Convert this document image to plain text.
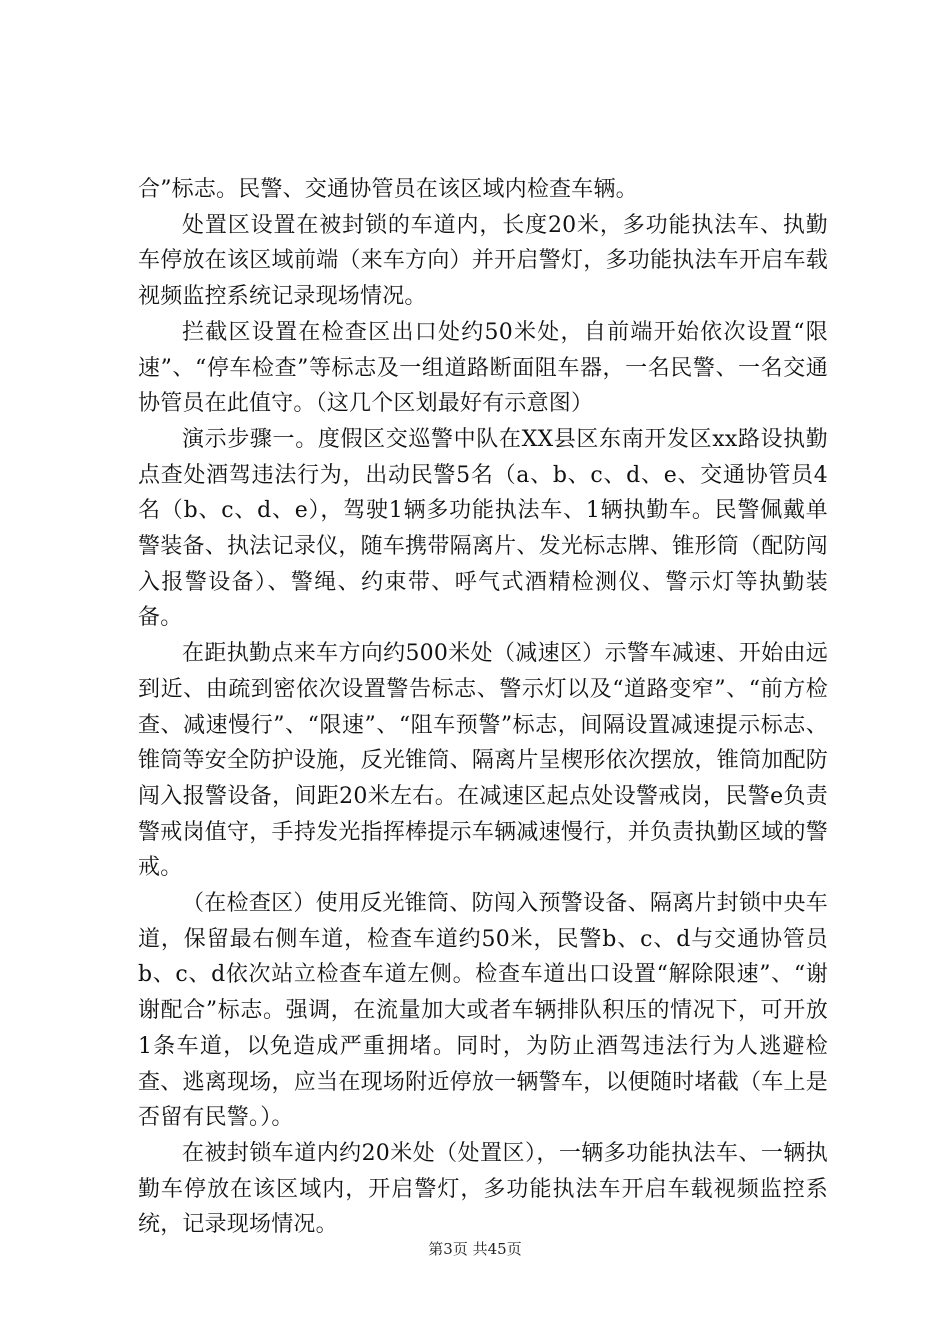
合”标志。民警、交通协管员在该区域内检查车辆。

处置区设置在被封锁的车道内，长度20米，多功能执法车、执勤车停放在该区域前端（来车方向）并开启警灯，多功能执法车开启车载视频监控系统记录现场情况。

拦截区设置在检查区出口处约50米处，自前端开始依次设置“限速”、“停车检查”等标志及一组道路断面阻车器，一名民警、一名交通协管员在此值守。（这几个区划最好有示意图）

演示步骤一。度假区交巡警中队在XX县区东南开发区xx路设执勤点查处酒驾违法行为，出动民警5名（a、b、c、d、e、交通协管员4名（b、c、d、e），驾驶1辆多功能执法车、1辆执勤车。民警佩戴单警装备、执法记录仪，随车携带隔离片、发光标志牌、锥形筒（配防闯入报警设备）、警绳、约束带、呼气式酒精检测仪、警示灯等执勤装备。

在距执勤点来车方向约500米处（减速区）示警车减速、开始由远到近、由疏到密依次设置警告标志、警示灯以及“道路变窄”、“前方检查、减速慢行”、“限速”、“阻车预警”标志，间隔设置减速提示标志、锥筒等安全防护设施，反光锥筒、隔离片呈楔形依次摆放，锥筒加配防闯入报警设备，间距20米左右。在减速区起点处设警戒岗，民警e负责警戒岗值守，手持发光指挥棒提示车辆减速慢行，并负责执勤区域的警戒。

（在检查区）使用反光锥筒、防闯入预警设备、隔离片封锁中央车道，保留最右侧车道，检查车道约50米，民警b、c、d与交通协管员b、c、d依次站立检查车道左侧。检查车道出口设置“解除限速”、“谢谢配合”标志。强调，在流量加大或者车辆排队积压的情况下，可开放1条车道，以免造成严重拥堵。同时，为防止酒驾违法行为人逃避检查、逃离现场，应当在现场附近停放一辆警车，以便随时堵截（车上是否留有民警。）。

在被封锁车道内约20米处（处置区），一辆多功能执法车、一辆执勤车停放在该区域内，开启警灯，多功能执法车开启车载视频监控系统，记录现场情况。

第3页 共45页
